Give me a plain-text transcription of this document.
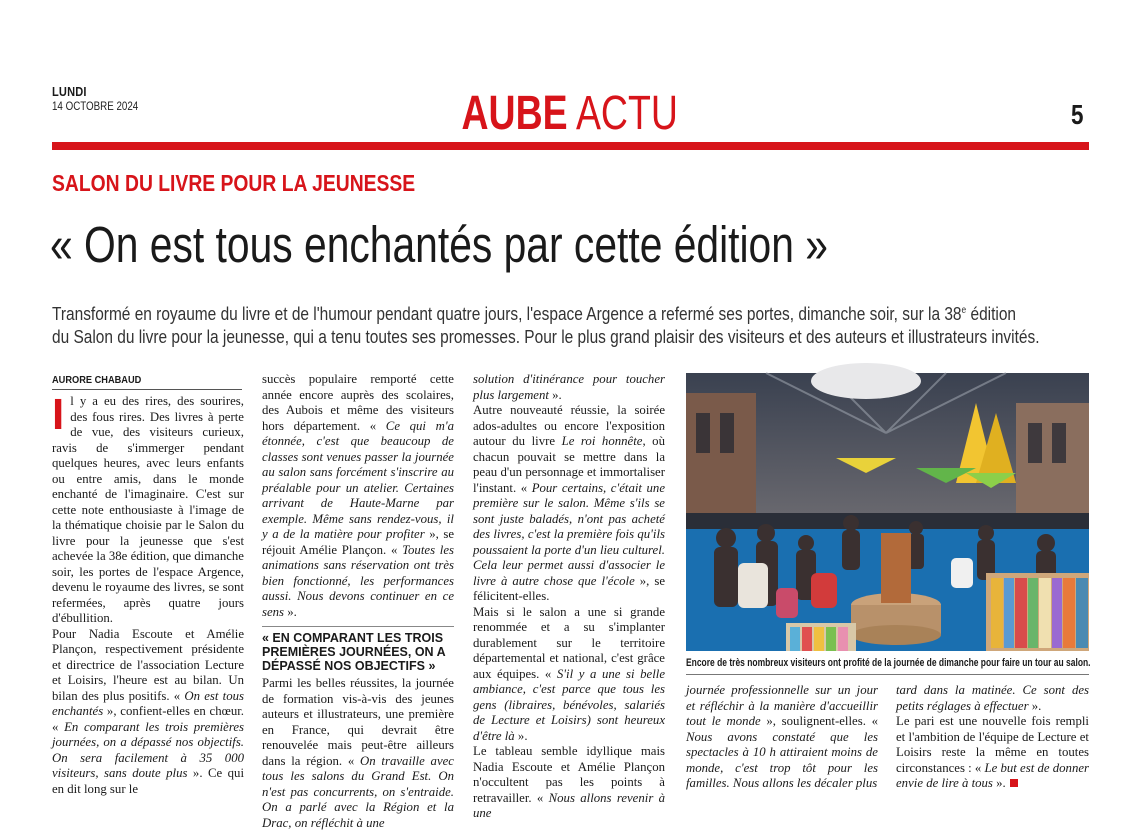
LUNDI
14 OCTOBRE 2024	AUBE ACTU	5
SALON DU LIVRE POUR LA JEUNESSE
« On est tous enchantés par cette édition »
Transformé en royaume du livre et de l'humour pendant quatre jours, l'espace Argence a refermé ses portes, dimanche soir, sur la 38e édition
du Salon du livre pour la jeunesse, qui a tenu toutes ses promesses. Pour le plus grand plaisir des visiteurs et des auteurs et illustrateurs invités.
AURORE CHABAUD

Il y a eu des rires, des sourires, des fous rires. Des livres à perte de vue, des visiteurs curieux, ravis de s'immerger pendant quelques heures, avec leurs enfants ou entre amis, dans le monde enchanté de l'imaginaire. C'est sur cette note enthousiaste à l'image de la thématique choisie par le Salon du livre pour la jeunesse que s'est achevée la 38e édition, que dimanche soir, les portes de l'espace Argence, devenu le royaume des livres, se sont refermées, après quatre jours d'ébullition.

Pour Nadia Escoute et Amélie Plançon, respectivement présidente et directrice de l'association Lecture et Loisirs, l'heure est au bilan. Un bilan des plus positifs. « On est tous enchantés », confient-elles en chœur. « En comparant les trois premières journées, on a dépassé nos objectifs. On sera facilement à 35 000 visiteurs, sans doute plus ». Ce qui en dit long sur le

succès populaire remporté cette année encore auprès des scolaires, des Aubois et même des visiteurs hors département. « Ce qui m'a étonnée, c'est que beaucoup de classes sont venues passer la journée au salon sans forcément s'inscrire au préalable pour un atelier. Certaines arrivant de Haute-Marne par exemple. Même sans rendez-vous, il y a de la matière pour profiter », se réjouit Amélie Plançon. « Toutes les animations sans réservation ont très bien fonctionné, les performances aussi. Nous devons continuer en ce sens ».

« EN COMPARANT LES TROIS PREMIÈRES JOURNÉES, ON A DÉPASSÉ NOS OBJECTIFS »

Parmi les belles réussites, la journée de formation vis-à-vis des jeunes auteurs et illustrateurs, une première en France, qui devrait être renouvelée mais peut-être ailleurs dans la région. « On travaille avec tous les salons du Grand Est. On n'est pas concurrents, on s'entraide. On a parlé avec la Région et la Drac, on réfléchit à une

solution d'itinérance pour toucher plus largement ».

Autre nouveauté réussie, la soirée ados-adultes ou encore l'exposition autour du livre Le roi honnête, où chacun pouvait se mettre dans la peau d'un personnage et immortaliser l'instant. « Pour certains, c'était une première sur le salon. Même s'ils se sont juste baladés, n'ont pas acheté des livres, c'est la première fois qu'ils poussaient la porte d'un lieu culturel. Cela leur permet aussi d'associer le livre à autre chose que l'école », se félicitent-elles.

Mais si le salon a une si grande renommée et a su s'implanter durablement sur le territoire départemental et national, c'est grâce aux équipes. « S'il y a une si belle ambiance, c'est parce que tous les gens (libraires, bénévoles, salariés de Lecture et Loisirs) sont heureux d'être là ».

Le tableau semble idyllique mais Nadia Escoute et Amélie Plançon n'occultent pas les points à retravailler. « Nous allons revenir à une

Encore de très nombreux visiteurs ont profité de la journée de dimanche pour faire un tour au salon.

journée professionnelle sur un jour et réfléchir à la manière d'accueillir tout le monde », soulignent-elles. « Nous avons constaté que les spectacles à 10 h attiraient moins de monde, c'est trop tôt pour les familles. Nous allons les décaler plus

tard dans la matinée. Ce sont des petits réglages à effectuer ».

Le pari est une nouvelle fois rempli et l'ambition de l'équipe de Lecture et Loisirs reste la même en toutes circonstances : « Le but est de donner envie de lire à tous ».
